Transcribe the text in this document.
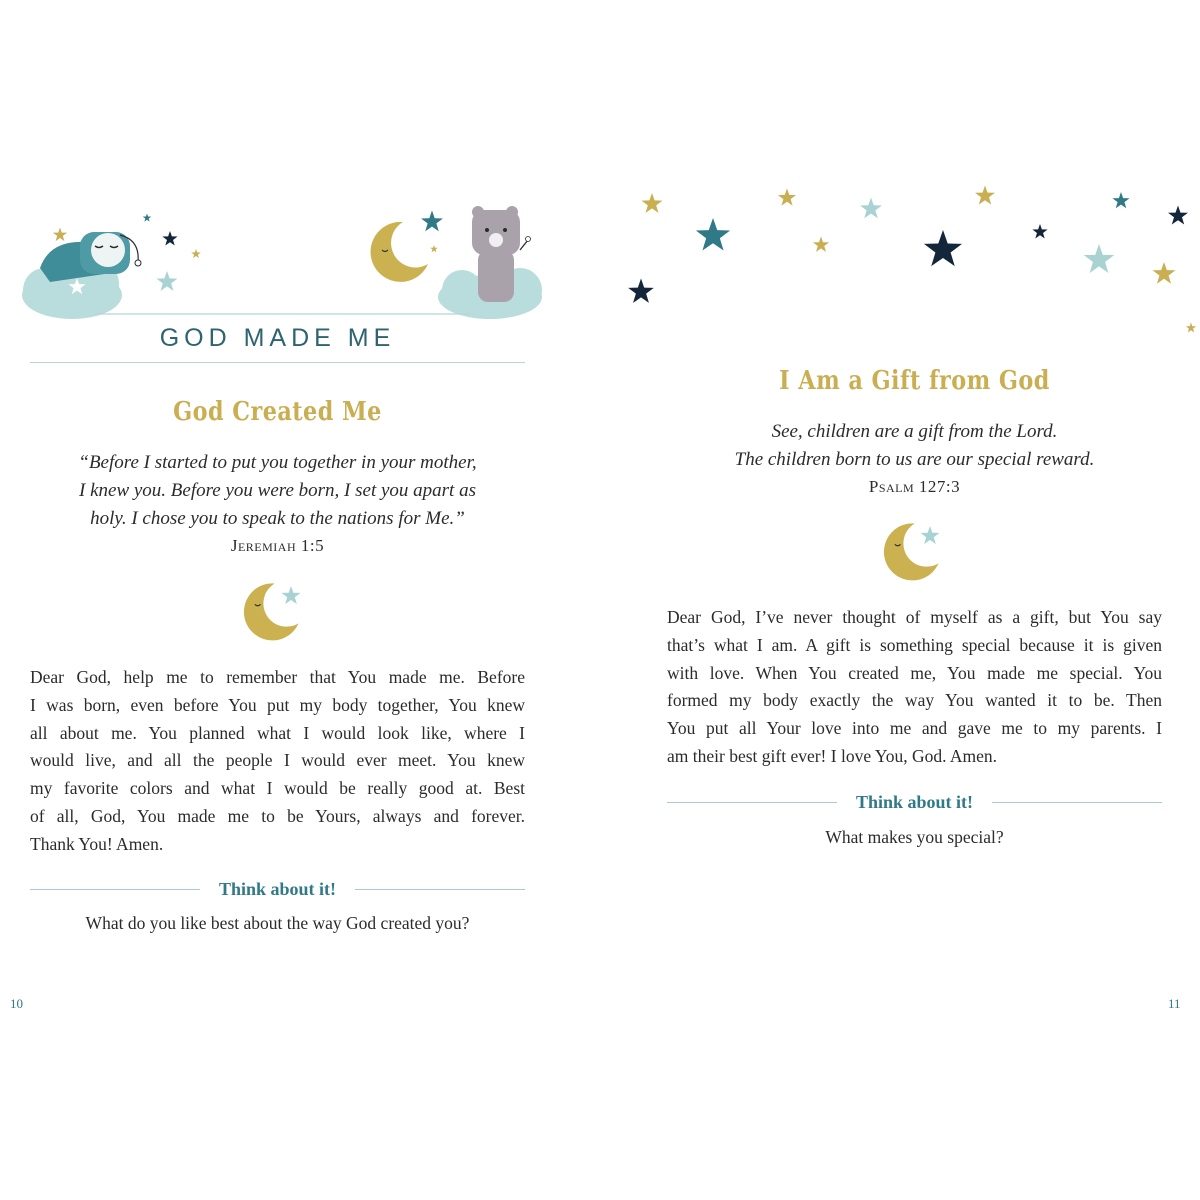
GOD MADE ME
God Created Me
“Before I started to put you together in your mother,
I knew you. Before you were born, I set you apart as
holy. I chose you to speak to the nations for Me.”
Jeremiah 1:5
Dear God, help me to remember that You made me. Before
I was born, even before You put my body together, You knew
all about me. You planned what I would look like, where I
would live, and all the people I would ever meet. You knew
my favorite colors and what I would be really good at. Best
of all, God, You made me to be Yours, always and forever.
Thank You! Amen.
Think about it!
What do you like best about the way God created you?
10
I Am a Gift from God
See, children are a gift from the Lord.
The children born to us are our special reward.
Psalm 127:3
Dear God, I’ve never thought of myself as a gift, but You say
that’s what I am. A gift is something special because it is given
with love. When You created me, You made me special. You
formed my body exactly the way You wanted it to be. Then
You put all Your love into me and gave me to my parents. I
am their best gift ever! I love You, God. Amen.
Think about it!
What makes you special?
11
